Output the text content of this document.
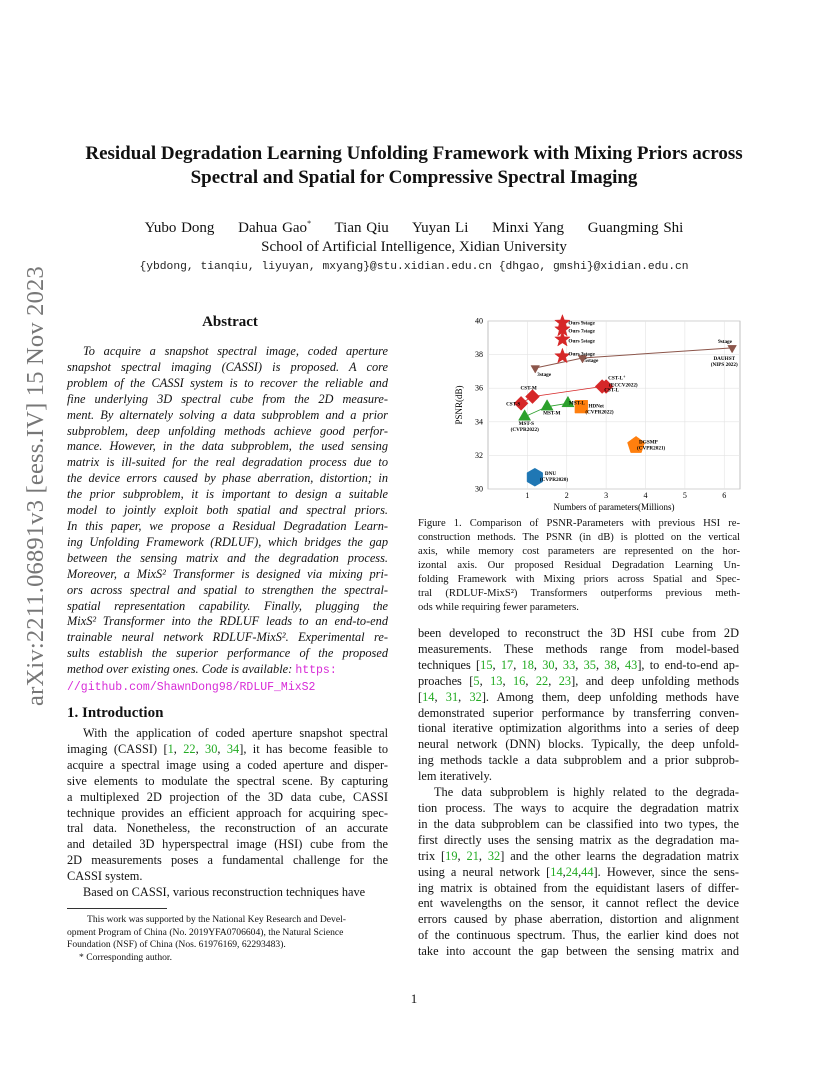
arXiv:2211.06891v3 [eess.IV] 15 Nov 2023
Residual Degradation Learning Unfolding Framework with Mixing Priors across
Spectral and Spatial for Compressive Spectral Imaging
Yubo Dong Dahua Gao* Tian Qiu Yuyan Li Minxi Yang Guangming Shi
School of Artificial Intelligence, Xidian University
{ybdong, tianqiu, liyuyan, mxyang}@stu.xidian.edu.cn {dhgao, gmshi}@xidian.edu.cn
Abstract
To acquire a snapshot spectral image, coded aperture
snapshot spectral imaging (CASSI) is proposed. A core
problem of the CASSI system is to recover the reliable and
fine underlying 3D spectral cube from the 2D measure-
ment. By alternately solving a data subproblem and a prior
subproblem, deep unfolding methods achieve good perfor-
mance. However, in the data subproblem, the used sensing
matrix is ill-suited for the real degradation process due to
the device errors caused by phase aberration, distortion; in
the prior subproblem, it is important to design a suitable
model to jointly exploit both spatial and spectral priors.
In this paper, we propose a Residual Degradation Learn-
ing Unfolding Framework (RDLUF), which bridges the gap
between the sensing matrix and the degradation process.
Moreover, a MixS² Transformer is designed via mixing pri-
ors across spectral and spatial to strengthen the spectral-
spatial representation capability. Finally, plugging the
MixS² Transformer into the RDLUF leads to an end-to-end
trainable neural network RDLUF-MixS². Experimental re-
sults establish the superior performance of the proposed
method over existing ones. Code is available: https:
//github.com/ShawnDong98/RDLUF_MixS2
1. Introduction
With the application of coded aperture snapshot spectral
imaging (CASSI) [1, 22, 30, 34], it has become feasible to
acquire a spectral image using a coded aperture and disper-
sive elements to modulate the spectral scene. By capturing
a multiplexed 2D projection of the 3D data cube, CASSI
technique provides an efficient approach for acquiring spec-
tral data. Nonetheless, the reconstruction of an accurate
and detailed 3D hyperspectral image (HSI) cube from the
2D measurements poses a fundamental challenge for the
CASSI system.
Based on CASSI, various reconstruction techniques have
This work was supported by the National Key Research and Devel-
opment Program of China (No. 2019YFA0706604), the Natural Science
Foundation (NSF) of China (Nos. 61976169, 62293483).
* Corresponding author.
30
32
34
36
38
40
1	2	3	4	5	6
Numbers of parameters(Millions)
PSNR(dB)
Ours 9stage
Ours 7stage
Ours 5stage
Ours 3stage
3stage
5stage
9stage
DAUHST
(NIPS 2022)
CST-S
CST-M
CST-L⁺
CST-L
(ECCV2022)
MST-S
(CVPR2022)
MST-M
MST-L
HDNet
(CVPR2022)
DGSMP
(CVPR2021)
DNU
(CVPR2020)
Figure 1. Comparison of PSNR-Parameters with previous HSI re-
construction methods. The PSNR (in dB) is plotted on the vertical
axis, while memory cost parameters are represented on the hor-
izontal axis. Our proposed Residual Degradation Learning Un-
folding Framework with Mixing priors across Spatial and Spec-
tral (RDLUF-MixS²) Transformers outperforms previous meth-
ods while requiring fewer parameters.
been developed to reconstruct the 3D HSI cube from 2D
measurements. These methods range from model-based
techniques [15, 17, 18, 30, 33, 35, 38, 43], to end-to-end ap-
proaches [5, 13, 16, 22, 23], and deep unfolding methods
[14, 31, 32]. Among them, deep unfolding methods have
demonstrated superior performance by transferring conven-
tional iterative optimization algorithms into a series of deep
neural network (DNN) blocks. Typically, the deep unfold-
ing methods tackle a data subproblem and a prior subprob-
lem iteratively.
The data subproblem is highly related to the degrada-
tion process. The ways to acquire the degradation matrix
in the data subproblem can be classified into two types, the
first directly uses the sensing matrix as the degradation ma-
trix [19, 21, 32] and the other learns the degradation matrix
using a neural network [14,24,44]. However, since the sens-
ing matrix is obtained from the equidistant lasers of differ-
ent wavelengths on the sensor, it cannot reflect the device
errors caused by phase aberration, distortion and alignment
of the continuous spectrum. Thus, the earlier kind does not
take into account the gap between the sensing matrix and
1
